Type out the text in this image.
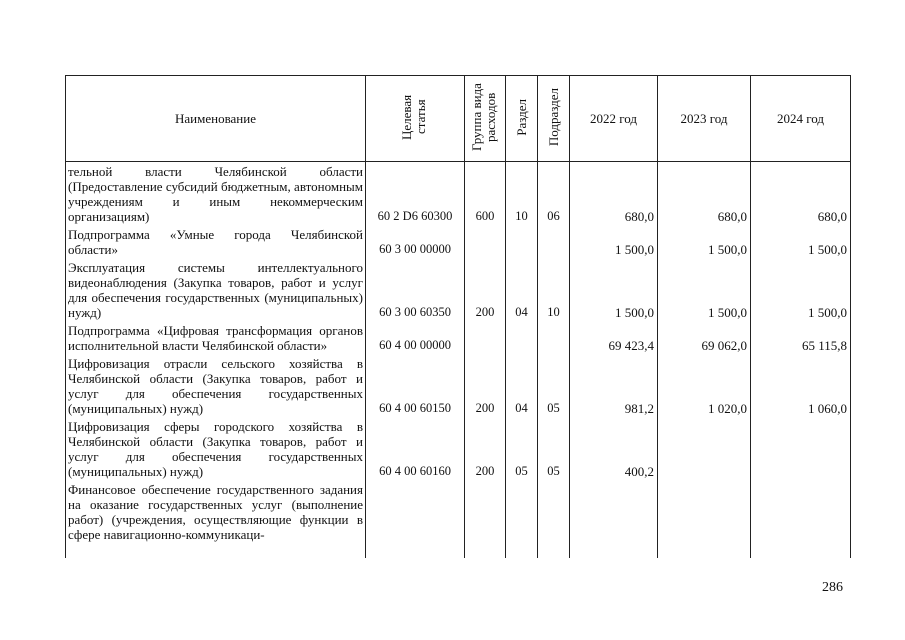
Наименование	Целевая статья	Группа вида расходов	Раздел	Подраздел	2022 год	2023 год	2024 год
тельной власти Челябинской области (Предоставление субсидий бюджетным, автономным учреждениям и иным некоммерческим организациям)	60 2 D6 60300	600	10	06	680,0	680,0	680,0
Подпрограмма «Умные города Челябинской области»	60 3 00 00000				1 500,0	1 500,0	1 500,0
Эксплуатация системы интеллектуального видеонаблюдения (Закупка товаров, работ и услуг для обеспечения государственных (муниципальных) нужд)	60 3 00 60350	200	04	10	1 500,0	1 500,0	1 500,0
Подпрограмма «Цифровая трансформация органов исполнительной власти Челябинской области»	60 4 00 00000				69 423,4	69 062,0	65 115,8
Цифровизация отрасли сельского хозяйства в Челябинской области (Закупка товаров, работ и услуг для обеспечения государственных (муниципальных) нужд)	60 4 00 60150	200	04	05	981,2	1 020,0	1 060,0
Цифровизация сферы городского хозяйства в Челябинской области (Закупка товаров, работ и услуг для обеспечения государственных (муниципальных) нужд)	60 4 00 60160	200	05	05	400,2		
Финансовое обеспечение государственного задания на оказание государственных услуг (выполнение работ) (учреждения, осуществляющие функции в сфере навигационно-коммуникаци-							
286
